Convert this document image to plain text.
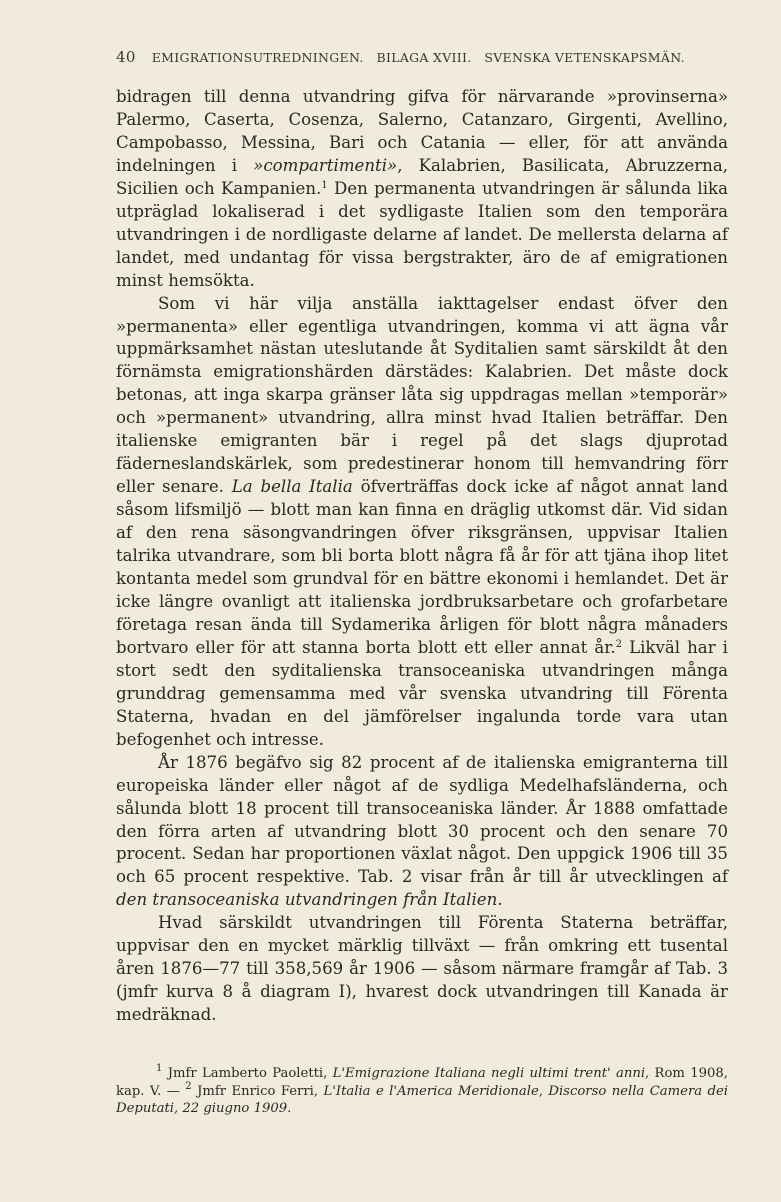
40 EMIGRATIONSUTREDNINGEN.   BILAGA XVIII.   SVENSKA VETENSKAPSMÄN.

bidragen till denna utvandring gifva för närvarande »provinserna» Palermo, Caserta, Cosenza, Salerno, Catanzaro, Girgenti, Avellino, Campobasso, Messina, Bari och Catania — eller, för att använda indelningen i »compartimenti», Kalabrien, Basilicata, Abruzzerna, Sicilien och Kampanien.$^1$ Den permanenta utvandringen är sålunda lika utpräglad lokaliserad i det sydligaste Italien som den temporära utvandringen i de nordligaste delarne af landet. De mellersta delarna af landet, med undantag för vissa bergstrakter, äro de af emigrationen minst hemsökta.

Som vi här vilja anställa iakttagelser endast öfver den »permanenta» eller egentliga utvandringen, komma vi att ägna vår uppmärksamhet nästan uteslutande åt Syditalien samt särskildt åt den förnämsta emigrationshärden därstädes: Kalabrien. Det måste dock betonas, att inga skarpa gränser låta sig uppdragas mellan »temporär» och »permanent» utvandring, allra minst hvad Italien beträffar. Den italienske emigranten bär i regel på det slags djuprotad fäderneslandskärlek, som predestinerar honom till hemvandring förr eller senare. La bella Italia öfverträffas dock icke af något annat land såsom lifsmiljö — blott man kan finna en dräglig utkomst där. Vid sidan af den rena säsongvandringen öfver riksgränsen, uppvisar Italien talrika utvandrare, som bli borta blott några få år för att tjäna ihop litet kontanta medel som grundval för en bättre ekonomi i hemlandet. Det är icke längre ovanligt att italienska jordbruksarbetare och grofarbetare företaga resan ända till Sydamerika årligen för blott några månaders bortvaro eller för att stanna borta blott ett eller annat år.$^2$ Likväl har i stort sedt den syditalienska transoceaniska utvandringen många grunddrag gemensamma med vår svenska utvandring till Förenta Staterna, hvadan en del jämförelser ingalunda torde vara utan befogenhet och intresse.

År 1876 begäfvo sig 82 procent af de italienska emigranterna till europeiska länder eller något af de sydliga Medelhafsländerna, och sålunda blott 18 procent till transoceaniska länder. År 1888 omfattade den förra arten af utvandring blott 30 procent och den senare 70 procent. Sedan har proportionen växlat något. Den uppgick 1906 till 35 och 65 procent respektive. Tab. 2 visar från år till år utvecklingen af den transoceaniska utvandringen från Italien.

Hvad särskildt utvandringen till Förenta Staterna beträffar, uppvisar den en mycket märklig tillväxt — från omkring ett tusental åren 1876—77 till 358,569 år 1906 — såsom närmare framgår af Tab. 3 (jmfr kurva 8 å diagram I), hvarest dock utvandringen till Kanada är medräknad.

$^1$ Jmfr Lamberto Paoletti, L'Emigrazione Italiana negli ultimi trent' anni, Rom 1908, kap. V. — $^2$ Jmfr Enrico Ferri, L'Italia e l'America Meridionale, Discorso nella Camera dei Deputati, 22 giugno 1909.
